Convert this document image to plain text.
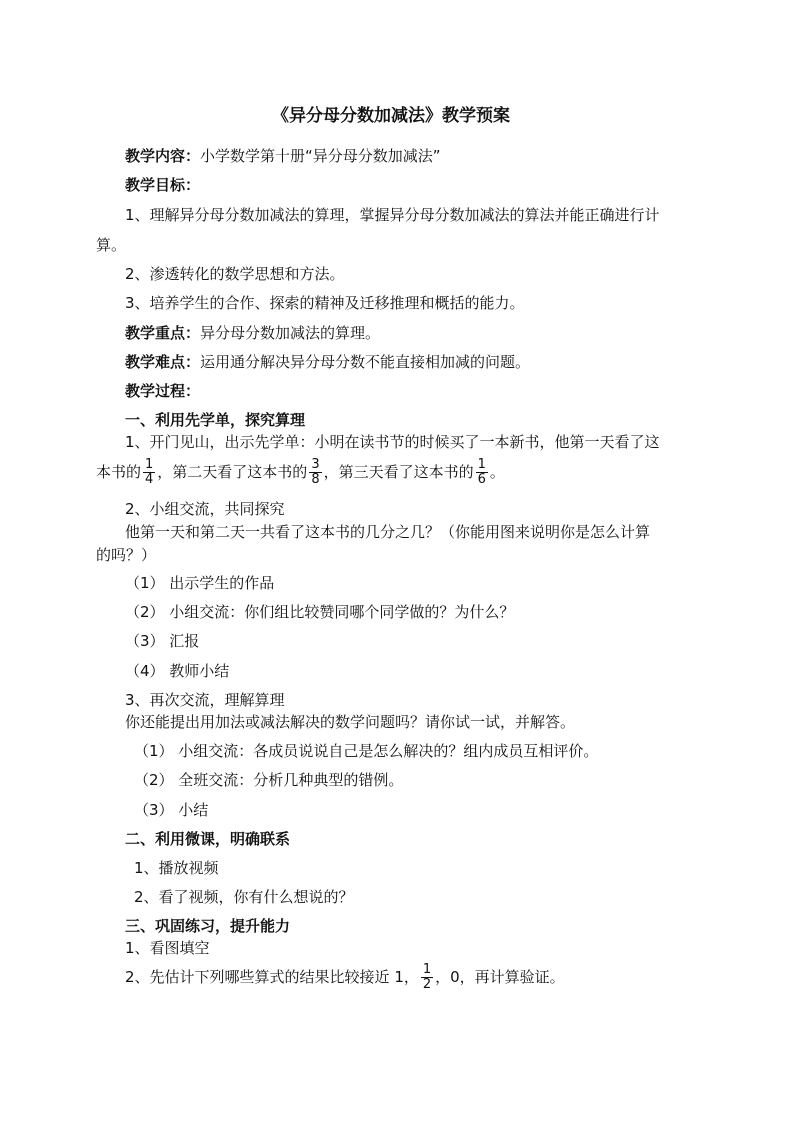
《异分母分数加减法》教学预案
教学内容：小学数学第十册“异分母分数加减法”
教学目标：
1、理解异分母分数加减法的算理，掌握异分母分数加减法的算法并能正确进行计
算。
2、渗透转化的数学思想和方法。
3、培养学生的合作、探索的精神及迁移推理和概括的能力。
教学重点：异分母分数加减法的算理。
教学难点：运用通分解决异分母分数不能直接相加减的问题。
教学过程：
一、利用先学单，探究算理
1、开门见山，出示先学单：小明在读书节的时候买了一本新书，他第一天看了这
本书的 $\frac{1}{4}$ ，第二天看了这本书的 $\frac{3}{8}$ ，第三天看了这本书的 $\frac{1}{6}$ 。
2、小组交流，共同探究
他第一天和第二天一共看了这本书的几分之几？（你能用图来说明你是怎么计算
的吗？）
（1） 出示学生的作品
（2） 小组交流：你们组比较赞同哪个同学做的？为什么？
（3） 汇报
（4） 教师小结
3、再次交流，理解算理
你还能提出用加法或减法解决的数学问题吗？请你试一试，并解答。
（1） 小组交流：各成员说说自己是怎么解决的？组内成员互相评价。
（2） 全班交流：分析几种典型的错例。
（3） 小结
二、利用微课，明确联系
1、播放视频
2、看了视频，你有什么想说的？
三、巩固练习，提升能力
1、看图填空
2、先估计下列哪些算式的结果比较接近 1， $\frac{1}{2}$ ，0，再计算验证。
